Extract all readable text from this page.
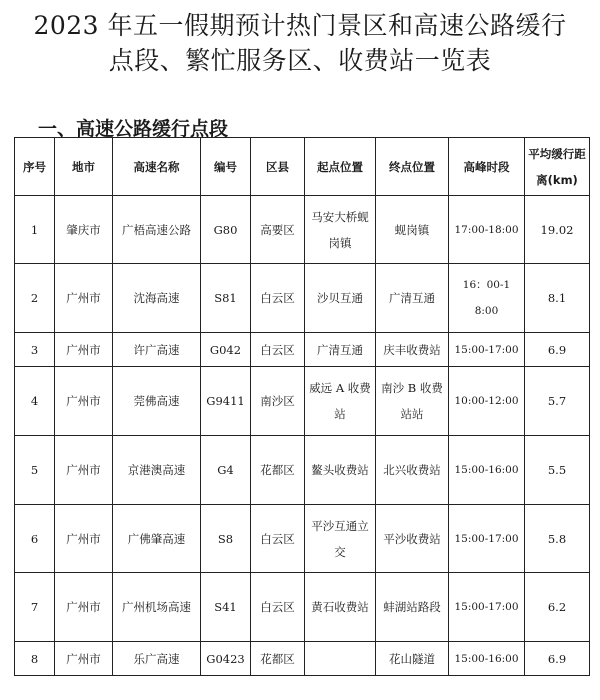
2023 年五一假期预计热门景区和高速公路缓行
点段、繁忙服务区、收费站一览表
一、高速公路缓行点段
序号	地市	高速名称	编号	区县	起点位置	终点位置	高峰时段	平均缓行距离(km)
1	肇庆市	广梧高速公路	G80	高要区	马安大桥蚬岗镇	蚬岗镇	17:00-18:00	19.02
2	广州市	沈海高速	S81	白云区	沙贝互通	广清互通	16：00-18:00	8.1
3	广州市	许广高速	G042	白云区	广清互通	庆丰收费站	15:00-17:00	6.9
4	广州市	莞佛高速	G9411	南沙区	威远 A 收费站	南沙 B 收费站站	10:00-12:00	5.7
5	广州市	京港澳高速	G4	花都区	鳌头收费站	北兴收费站	15:00-16:00	5.5
6	广州市	广佛肇高速	S8	白云区	平沙互通立交	平沙收费站	15:00-17:00	5.8
7	广州市	广州机场高速	S41	白云区	黄石收费站	蚌湖站路段	15:00-17:00	6.2
8	广州市	乐广高速	G0423	花都区		花山隧道	15:00-16:00	6.9
